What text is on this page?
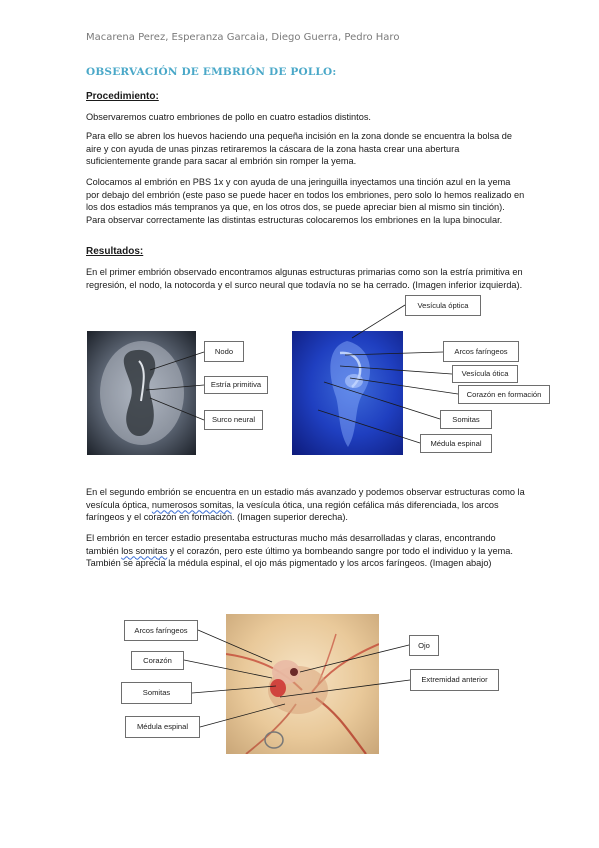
Macarena Perez, Esperanza Garcaia, Diego Guerra, Pedro Haro
OBSERVACIÓN DE EMBRIÓN DE POLLO:
Procedimiento:
Observaremos cuatro embriones de pollo en cuatro estadios distintos.
Para ello se abren los huevos haciendo una pequeña incisión en la zona donde se encuentra la bolsa de aire y con ayuda de unas pinzas retiraremos la cáscara de la zona hasta crear una abertura suficientemente grande para sacar al embrión sin romper la yema.
Colocamos al embrión en PBS 1x y con ayuda de una jeringuilla inyectamos una tinción azul en la yema por debajo del embrión (este paso se puede hacer en todos los embriones, pero solo lo hemos realizado en los dos estadios más tempranos ya que, en los otros dos, se puede apreciar bien al mismo sin tinción). Para observar correctamente las distintas estructuras colocaremos los embriones en la lupa binocular.
Resultados:
En el primer embrión observado encontramos algunas estructuras primarias como son la estría primitiva en regresión, el nodo, la notocorda y el surco neural que todavía no se ha cerrado. (Imagen inferior izquierda).
Nodo
Estría primitiva
Surco neural
Vesícula óptica
Arcos faríngeos
Vesícula ótica
Corazón en formación
Somitas
Médula espinal
En el segundo embrión se encuentra en un estadio más avanzado y podemos observar estructuras como la vesícula óptica, numerosos somitas, la vesícula ótica, una región cefálica más diferenciada, los arcos faríngeos y el corazón en formación. (Imagen superior derecha).
El embrión en tercer estadio presentaba estructuras mucho más desarrolladas y claras, encontrando también los somitas y el corazón, pero este último ya bombeando sangre por todo el individuo y la yema. También se aprecia la médula espinal, el ojo más pigmentado y los arcos faríngeos. (Imagen abajo)
Arcos faríngeos
Corazón
Somitas
Médula espinal
Ojo
Extremidad anterior
